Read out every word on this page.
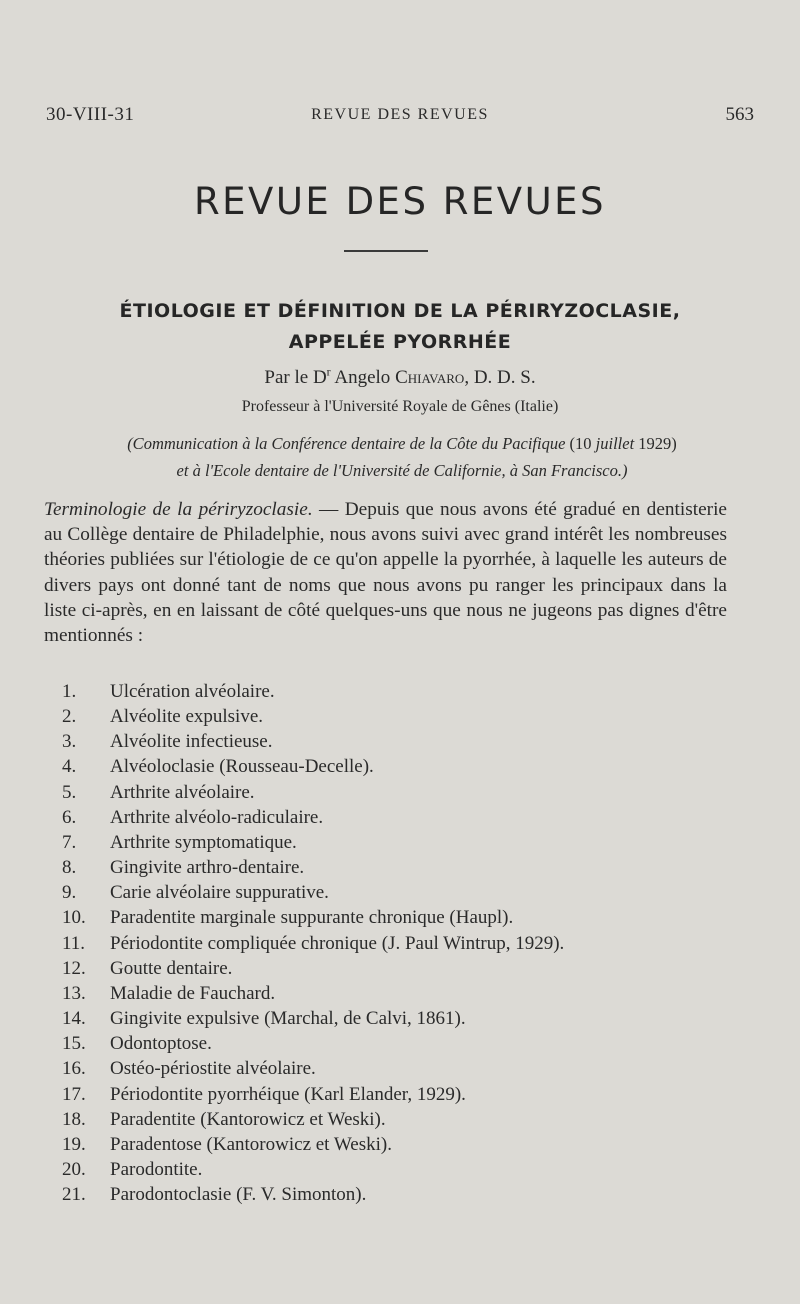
30-VIII-31	REVUE DES REVUES	563
REVUE DES REVUES
ÉTIOLOGIE ET DÉFINITION DE LA PÉRIRYZOCLASIE,
APPELÉE PYORRHÉE
Par le $D^r$ Angelo Chiavaro, D. D. S.
Professeur à l'Université Royale de Gênes (Italie)
(Communication à la Conférence dentaire de la Côte du Pacifique (10 juillet 1929)
et à l'Ecole dentaire de l'Université de Californie, à San Francisco.)
Terminologie de la périryzoclasie. — Depuis que nous avons été gradué en dentisterie au Collège dentaire de Philadelphie, nous avons suivi avec grand intérêt les nombreuses théories publiées sur l'étiologie de ce qu'on appelle la pyorrhée, à laquelle les auteurs de divers pays ont donné tant de noms que nous avons pu ranger les principaux dans la liste ci-après, en en laissant de côté quelques-uns que nous ne jugeons pas dignes d'être mentionnés :
1.	Ulcération alvéolaire.
2.	Alvéolite expulsive.
3.	Alvéolite infectieuse.
4.	Alvéoloclasie (Rousseau-Decelle).
5.	Arthrite alvéolaire.
6.	Arthrite alvéolo-radiculaire.
7.	Arthrite symptomatique.
8.	Gingivite arthro-dentaire.
9.	Carie alvéolaire suppurative.
10.	Paradentite marginale suppurante chronique (Haupl).
11.	Périodontite compliquée chronique (J. Paul Wintrup, 1929).
12.	Goutte dentaire.
13.	Maladie de Fauchard.
14.	Gingivite expulsive (Marchal, de Calvi, 1861).
15.	Odontoptose.
16.	Ostéo-périostite alvéolaire.
17.	Périodontite pyorrhéique (Karl Elander, 1929).
18.	Paradentite (Kantorowicz et Weski).
19.	Paradentose (Kantorowicz et Weski).
20.	Parodontite.
21.	Parodontoclasie (F. V. Simonton).
